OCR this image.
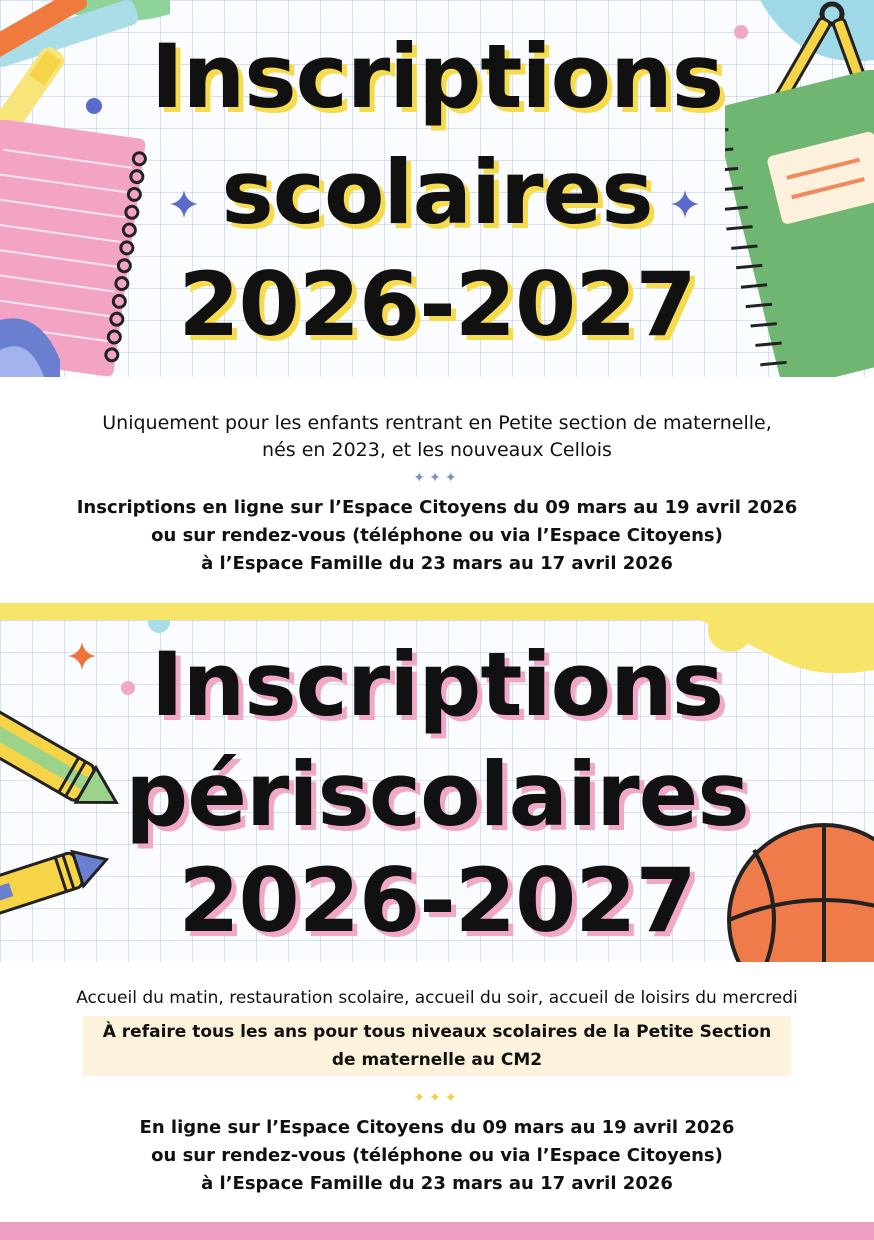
Inscriptions
scolaires
2026-2027

Uniquement pour les enfants rentrant en Petite section de maternelle,

nés en 2023, et les nouveaux Cellois

✦✦✦

Inscriptions en ligne sur l’Espace Citoyens du 09 mars au 19 avril 2026

ou sur rendez-vous (téléphone ou via l’Espace Citoyens)

à l’Espace Famille du 23 mars au 17 avril 2026

Inscriptions
périscolaires
2026-2027
Accueil du matin, restauration scolaire, accueil du soir, accueil de loisirs du mercredi
À refaire tous les ans pour tous niveaux scolaires de la Petite Section
de maternelle au CM2
✦✦✦

En ligne sur l’Espace Citoyens du 09 mars au 19 avril 2026

ou sur rendez-vous (téléphone ou via l’Espace Citoyens)

à l’Espace Famille du 23 mars au 17 avril 2026
